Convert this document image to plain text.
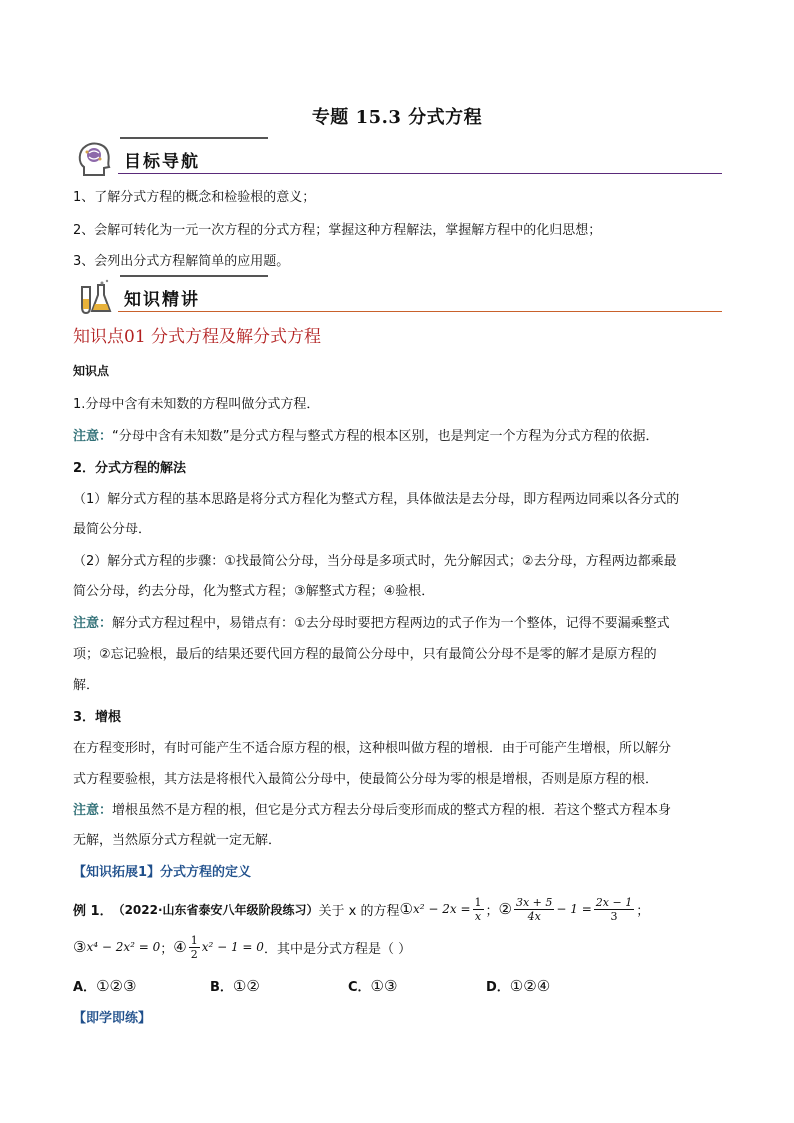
专题 15.3 分式方程
目标导航
1、了解分式方程的概念和检验根的意义；
2、会解可转化为一元一次方程的分式方程；掌握这种方程解法，掌握解方程中的化归思想；
3、会列出分式方程解简单的应用题。
知识精讲
知识点01 分式方程及解分式方程
知识点
1.分母中含有未知数的方程叫做分式方程．
注意：“分母中含有未知数”是分式方程与整式方程的根本区别，也是判定一个方程为分式方程的依据．
2．分式方程的解法
（1）解分式方程的基本思路是将分式方程化为整式方程，具体做法是去分母，即方程两边同乘以各分式的
最简公分母．
（2）解分式方程的步骤：①找最简公分母，当分母是多项式时，先分解因式；②去分母，方程两边都乘最
简公分母，约去分母，化为整式方程；③解整式方程；④验根．
注意：解分式方程过程中，易错点有：①去分母时要把方程两边的式子作为一个整体，记得不要漏乘整式
项；②忘记验根，最后的结果还要代回方程的最简公分母中，只有最简公分母不是零的解才是原方程的
解．
3．增根
在方程变形时，有时可能产生不适合原方程的根，这种根叫做方程的增根．由于可能产生增根，所以解分
式方程要验根，其方法是将根代入最简公分母中，使最简公分母为零的根是增根，否则是原方程的根．
注意：增根虽然不是方程的根，但它是分式方程去分母后变形而成的整式方程的根．若这个整式方程本身
无解，当然原分式方程就一定无解．
【知识拓展1】分式方程的定义
例 1． （2022·山东省泰安八年级阶段练习） 关于 x 的方程 ① $x^2 - 2x = \frac{1}{x}$ ； ② $\frac{3x + 5}{4x} - 1 = \frac{2x - 1}{3}$ ；
③ x⁴ − 2x² = 0 ； ④ $\frac{1}{2} x^2 - 1 = 0$ ．其中是分式方程是（ ）
A．①②③	B．①②	C．①③	D．①②④
【即学即练】
